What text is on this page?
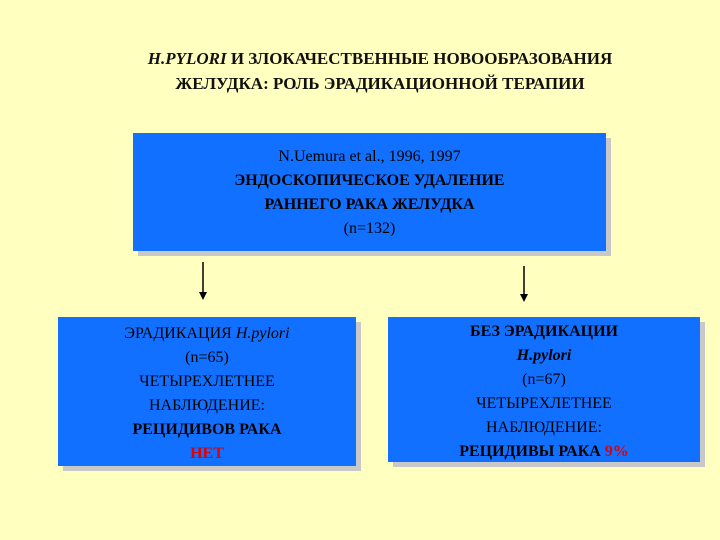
H.PYLORI И ЗЛОКАЧЕСТВЕННЫЕ НОВООБРАЗОВАНИЯ
ЖЕЛУДКА: РОЛЬ ЭРАДИКАЦИОННОЙ ТЕРАПИИ
N.Uemura et al., 1996, 1997
ЭНДОСКОПИЧЕСКОЕ УДАЛЕНИЕ
РАННЕГО РАКА ЖЕЛУДКА
(n=132)
ЭРАДИКАЦИЯ H.pylori
(n=65)
ЧЕТЫРЕХЛЕТНЕЕ
НАБЛЮДЕНИЕ:
РЕЦИДИВОВ РАКА
НЕТ
БЕЗ ЭРАДИКАЦИИ
H.pylori
(n=67)
ЧЕТЫРЕХЛЕТНЕЕ
НАБЛЮДЕНИЕ:
РЕЦИДИВЫ РАКА 9%
